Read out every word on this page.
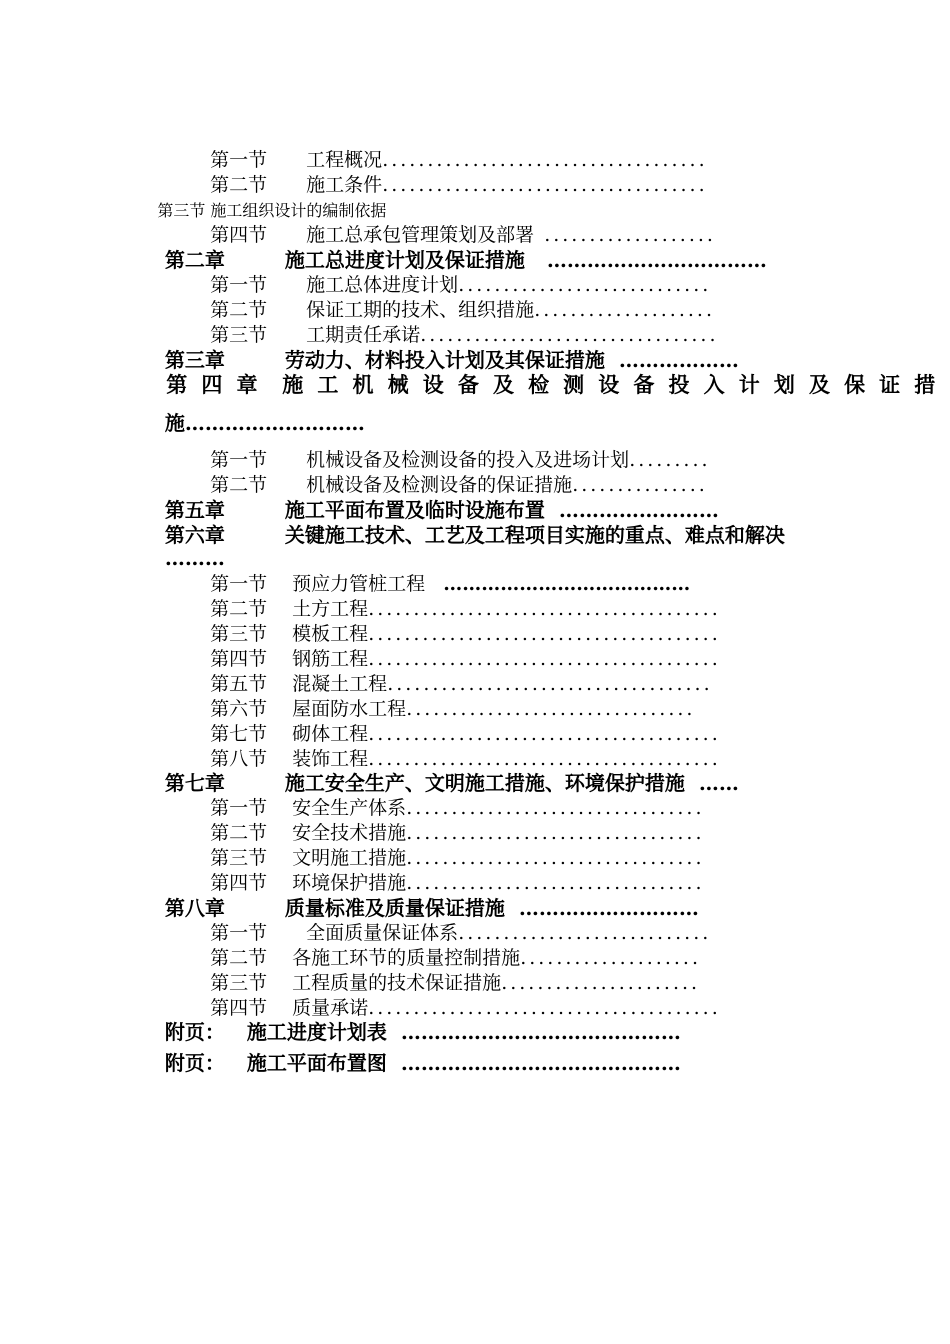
第一节 工程概况....................................

第二节 施工条件....................................

第三节 施工组织设计的编制依据

第四节 施工总承包管理策划及部署 ...................

第二章	施工总进度计划及保证措施 ……………………………

第一节 施工总体进度计划............................

第二节 保证工期的技术、组织措施....................

第三节 工期责任承诺.................................

第三章	劳动力、材料投入计划及其保证措施 ………………

第 四 章  施 工 机 械 设 备 及 检 测 设 备 投 入 计 划 及 保 证 措

施………………………

第一节 机械设备及检测设备的投入及进场计划.........

第二节 机械设备及检测设备的保证措施...............

第五章	施工平面布置及临时设施布置 ……………………

第六章	关键施工技术、工艺及工程项目实施的重点、难点和解决

………

第一节 预应力管桩工程 …………………………………

第二节 土方工程.......................................

第三节 模板工程.......................................

第四节 钢筋工程.......................................

第五节 混凝土工程....................................

第六节 屋面防水工程................................

第七节 砌体工程.......................................

第八节 装饰工程.......................................

第七章	施工安全生产、文明施工措施、环境保护措施 ……

第一节 安全生产体系.................................

第二节 安全技术措施.................................

第三节 文明施工措施.................................

第四节 环境保护措施.................................

第八章	质量标准及质量保证措施 ………………………

第一节 全面质量保证体系............................

第二节 各施工环节的质量控制措施....................

第三节 工程质量的技术保证措施......................

第四节 质量承诺.......................................

附页： 施工进度计划表 ……………………………………

附页： 施工平面布置图 ……………………………………
